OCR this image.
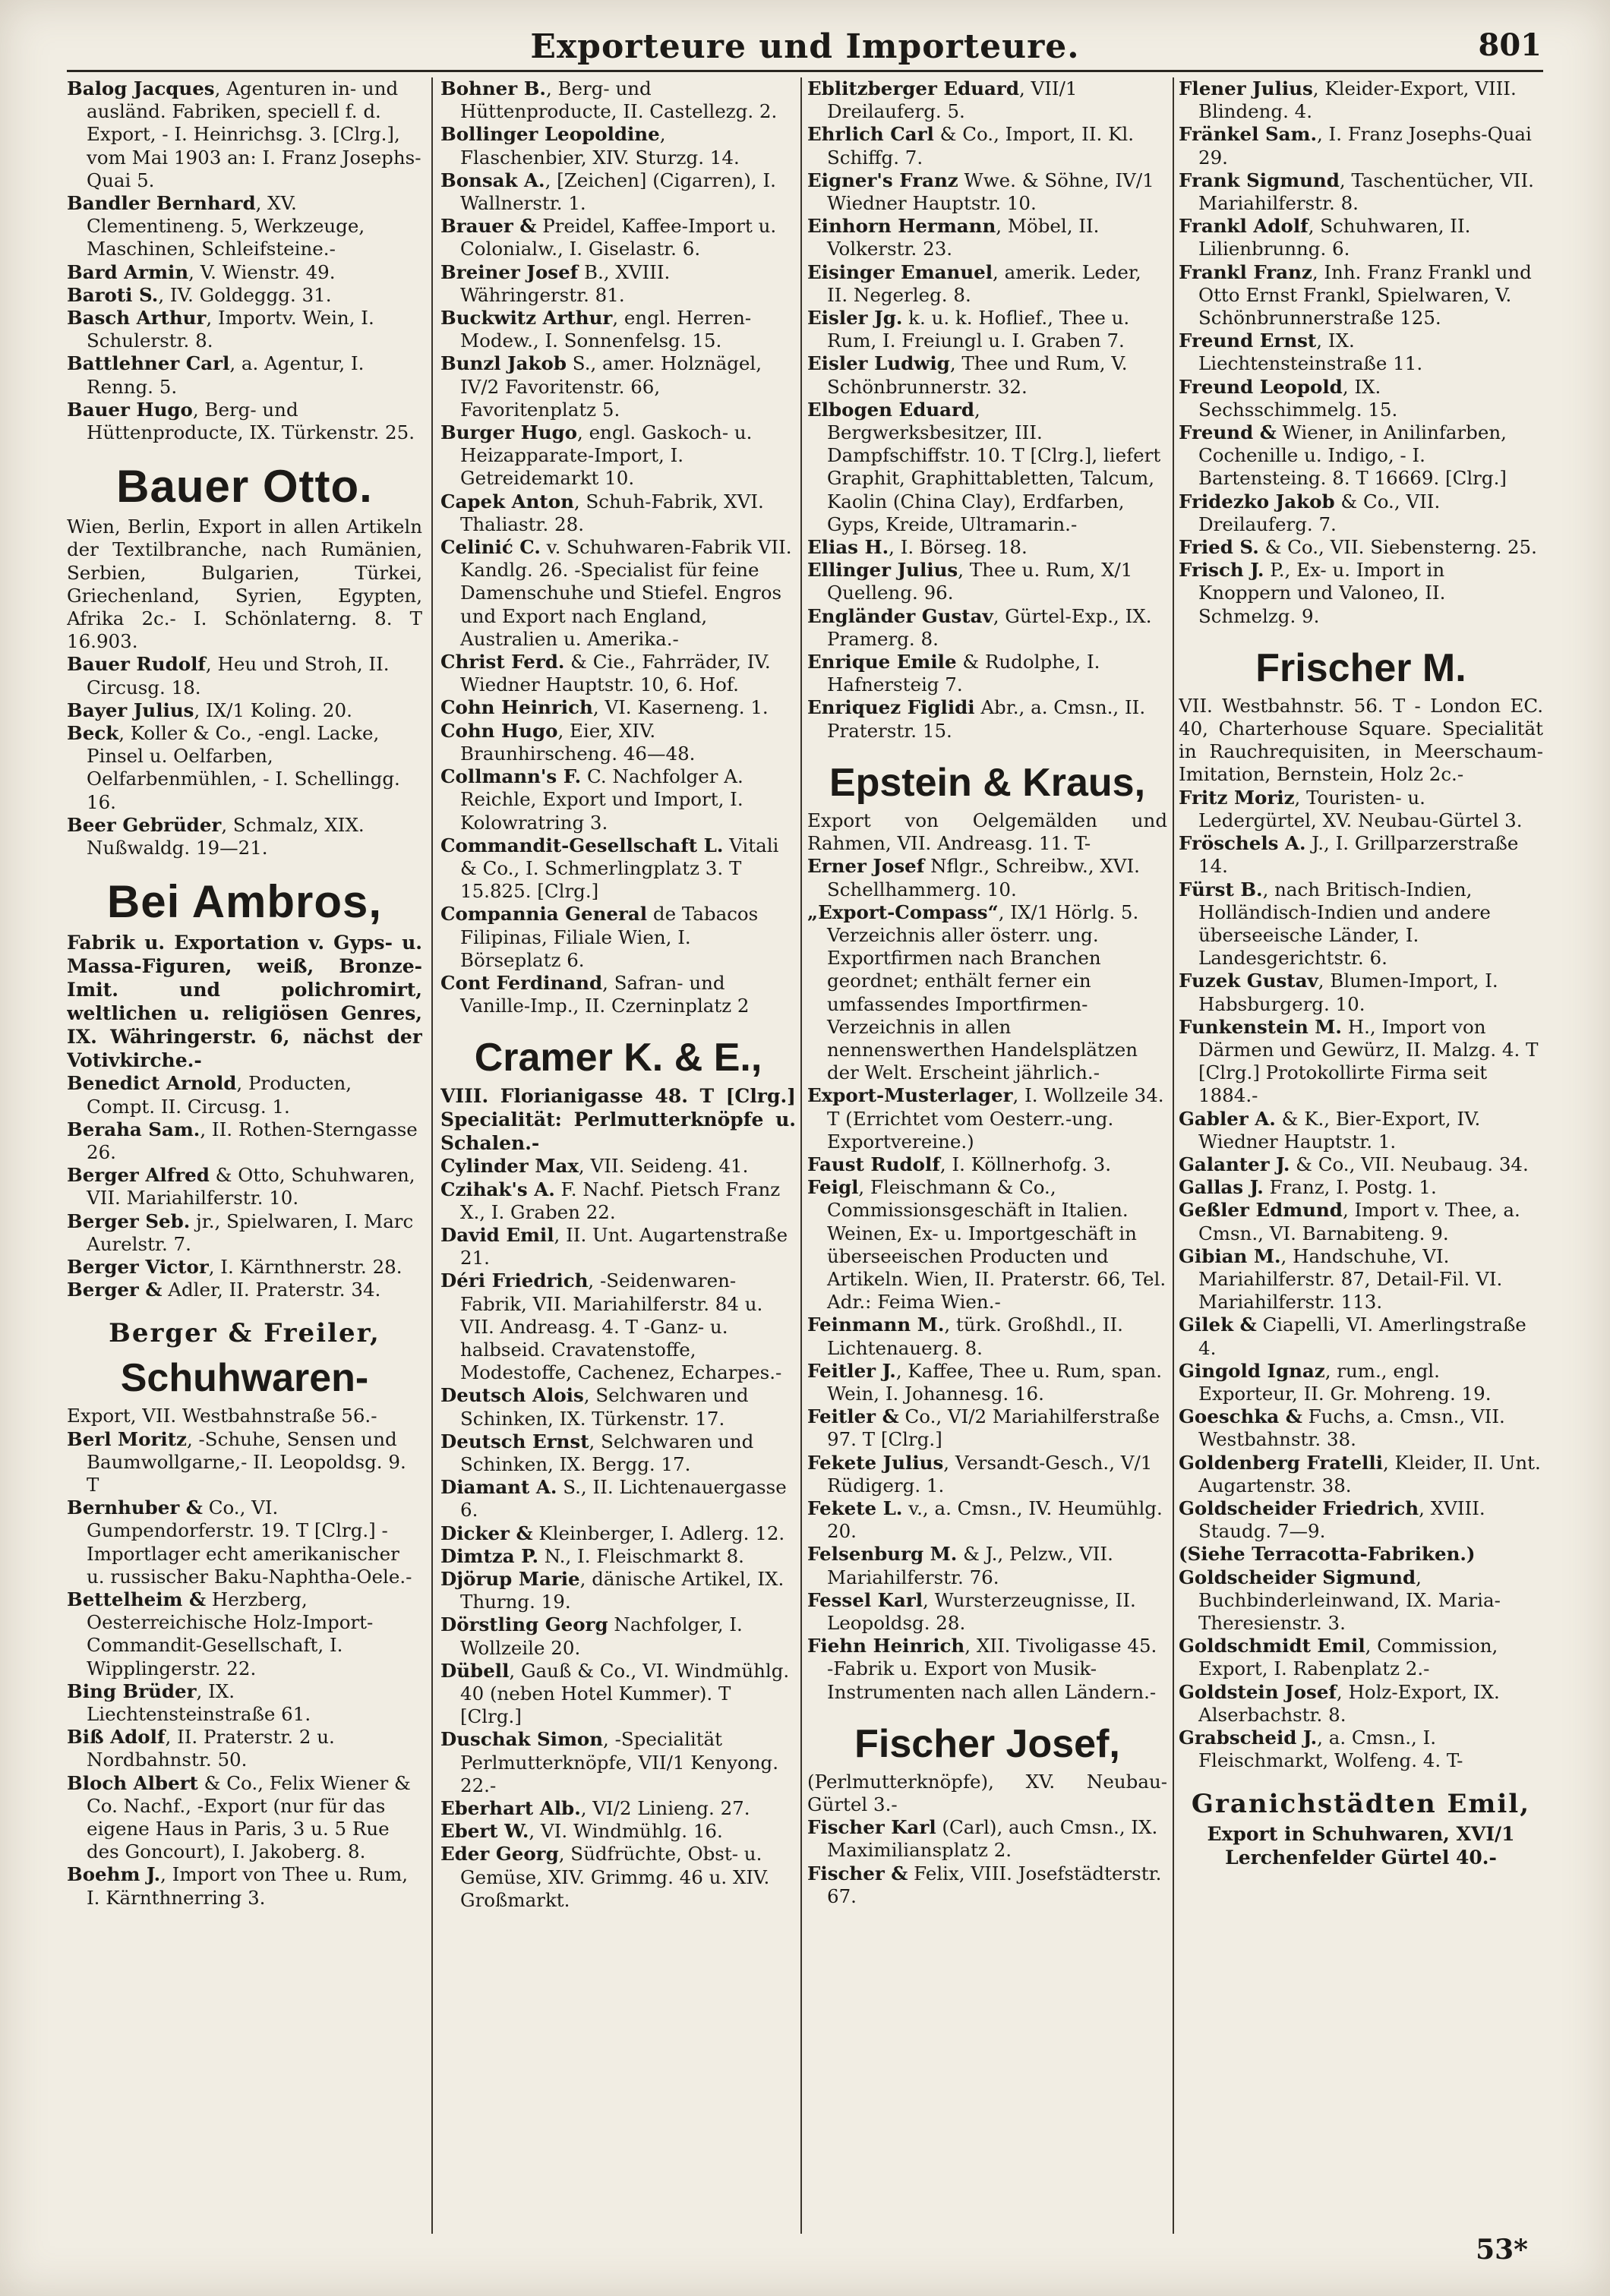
Exporteure und Importeure.	801
Balog Jacques, Agenturen in- und ausländ. Fabriken, speciell f. d. Export, - I. Heinrichsg. 3. [Clrg.], vom Mai 1903 an: I. Franz Josephs-Quai 5.
Bandler Bernhard, XV. Clementineng. 5, Werkzeuge, Maschinen, Schleifsteine.-
Bard Armin, V. Wienstr. 49.
Baroti S., IV. Goldeggg. 31.
Basch Arthur, Importv. Wein, I. Schulerstr. 8.
Battlehner Carl, a. Agentur, I. Renng. 5.
Bauer Hugo, Berg- und Hüttenproducte, IX. Türkenstr. 25.
Bauer Otto.
Wien, Berlin, Export in allen Artikeln der Textilbranche, nach Rumänien, Serbien, Bulgarien, Türkei, Griechenland, Syrien, Egypten, Afrika 2c.- I. Schönlaterng. 8. T 16.903.
Bauer Rudolf, Heu und Stroh, II. Circusg. 18.
Bayer Julius, IX/1 Koling. 20.
Beck, Koller & Co., -engl. Lacke, Pinsel u. Oelfarben, Oelfarbenmühlen, - I. Schellingg. 16.
Beer Gebrüder, Schmalz, XIX. Nußwaldg. 19—21.
Bei Ambros,
Fabrik u. Exportation v. Gyps- u. Massa-Figuren, weiß, Bronze-Imit. und polichromirt, weltlichen u. religiösen Genres, IX. Währingerstr. 6, nächst der Votivkirche.-
Benedict Arnold, Producten, Compt. II. Circusg. 1.
Beraha Sam., II. Rothen-Sterngasse 26.
Berger Alfred & Otto, Schuhwaren, VII. Mariahilferstr. 10.
Berger Seb. jr., Spielwaren, I. Marc Aurelstr. 7.
Berger Victor, I. Kärnthnerstr. 28.
Berger & Adler, II. Praterstr. 34.
Berger & Freiler,
Schuhwaren-
Export, VII. Westbahnstraße 56.-
Berl Moritz, -Schuhe, Sensen und Baumwollgarne,- II. Leopoldsg. 9. T
Bernhuber & Co., VI. Gumpendorferstr. 19. T [Clrg.] -Importlager echt amerikanischer u. russischer Baku-Naphtha-Oele.-
Bettelheim & Herzberg, Oesterreichische Holz-Import-Commandit-Gesellschaft, I. Wipplingerstr. 22.
Bing Brüder, IX. Liechtensteinstraße 61.
Biß Adolf, II. Praterstr. 2 u. Nordbahnstr. 50.
Bloch Albert & Co., Felix Wiener & Co. Nachf., -Export (nur für das eigene Haus in Paris, 3 u. 5 Rue des Goncourt), I. Jakoberg. 8.
Boehm J., Import von Thee u. Rum, I. Kärnthnerring 3.
Bohner B., Berg- und Hüttenproducte, II. Castellezg. 2.
Bollinger Leopoldine, Flaschenbier, XIV. Sturzg. 14.
Bonsak A., [Zeichen] (Cigarren), I. Wallnerstr. 1.
Brauer & Preidel, Kaffee-Import u. Colonialw., I. Giselastr. 6.
Breiner Josef B., XVIII. Währingerstr. 81.
Buckwitz Arthur, engl. Herren-Modew., I. Sonnenfelsg. 15.
Bunzl Jakob S., amer. Holznägel, IV/2 Favoritenstr. 66, Favoritenplatz 5.
Burger Hugo, engl. Gaskoch- u. Heizapparate-Import, I. Getreidemarkt 10.
Capek Anton, Schuh-Fabrik, XVI. Thaliastr. 28.
Celinić C. v. Schuhwaren-Fabrik VII. Kandlg. 26. -Specialist für feine Damenschuhe und Stiefel. Engros und Export nach England, Australien u. Amerika.-
Christ Ferd. & Cie., Fahrräder, IV. Wiedner Hauptstr. 10, 6. Hof.
Cohn Heinrich, VI. Kaserneng. 1.
Cohn Hugo, Eier, XIV. Braunhirscheng. 46—48.
Collmann's F. C. Nachfolger A. Reichle, Export und Import, I. Kolowratring 3.
Commandit-Gesellschaft L. Vitali & Co., I. Schmerlingplatz 3. T 15.825. [Clrg.]
Compannia General de Tabacos Filipinas, Filiale Wien, I. Börseplatz 6.
Cont Ferdinand, Safran- und Vanille-Imp., II. Czerninplatz 2
Cramer K. & E.,
VIII. Florianigasse 48. T [Clrg.] Specialität: Perlmutterknöpfe u. Schalen.-
Cylinder Max, VII. Seideng. 41.
Czihak's A. F. Nachf. Pietsch Franz X., I. Graben 22.
David Emil, II. Unt. Augartenstraße 21.
Déri Friedrich, -Seidenwaren-Fabrik, VII. Mariahilferstr. 84 u. VII. Andreasg. 4. T -Ganz- u. halbseid. Cravatenstoffe, Modestoffe, Cachenez, Echarpes.-
Deutsch Alois, Selchwaren und Schinken, IX. Türkenstr. 17.
Deutsch Ernst, Selchwaren und Schinken, IX. Bergg. 17.
Diamant A. S., II. Lichtenauergasse 6.
Dicker & Kleinberger, I. Adlerg. 12.
Dimtza P. N., I. Fleischmarkt 8.
Djörup Marie, dänische Artikel, IX. Thurng. 19.
Dörstling Georg Nachfolger, I. Wollzeile 20.
Dübell, Gauß & Co., VI. Windmühlg. 40 (neben Hotel Kummer). T [Clrg.]
Duschak Simon, -Specialität Perlmutterknöpfe, VII/1 Kenyong. 22.-
Eberhart Alb., VI/2 Linieng. 27.
Ebert W., VI. Windmühlg. 16.
Eder Georg, Südfrüchte, Obst- u. Gemüse, XIV. Grimmg. 46 u. XIV. Großmarkt.
Eblitzberger Eduard, VII/1 Dreilauferg. 5.
Ehrlich Carl & Co., Import, II. Kl. Schiffg. 7.
Eigner's Franz Wwe. & Söhne, IV/1 Wiedner Hauptstr. 10.
Einhorn Hermann, Möbel, II. Volkerstr. 23.
Eisinger Emanuel, amerik. Leder, II. Negerleg. 8.
Eisler Jg. k. u. k. Hoflief., Thee u. Rum, I. Freiungl u. I. Graben 7.
Eisler Ludwig, Thee und Rum, V. Schönbrunnerstr. 32.
Elbogen Eduard, Bergwerksbesitzer, III. Dampfschiffstr. 10. T [Clrg.], liefert Graphit, Graphittabletten, Talcum, Kaolin (China Clay), Erdfarben, Gyps, Kreide, Ultramarin.-
Elias H., I. Börseg. 18.
Ellinger Julius, Thee u. Rum, X/1 Quelleng. 96.
Engländer Gustav, Gürtel-Exp., IX. Pramerg. 8.
Enrique Emile & Rudolphe, I. Hafnersteig 7.
Enriquez Figlidi Abr., a. Cmsn., II. Praterstr. 15.
Epstein & Kraus,
Export von Oelgemälden und Rahmen, VII. Andreasg. 11. T-
Erner Josef Nflgr., Schreibw., XVI. Schellhammerg. 10.
„Export-Compass“, IX/1 Hörlg. 5. Verzeichnis aller österr. ung. Exportfirmen nach Branchen geordnet; enthält ferner ein umfassendes Importfirmen-Verzeichnis in allen nennenswerthen Handelsplätzen der Welt. Erscheint jährlich.-
Export-Musterlager, I. Wollzeile 34. T (Errichtet vom Oesterr.-ung. Exportvereine.)
Faust Rudolf, I. Köllnerhofg. 3.
Feigl, Fleischmann & Co., Commissionsgeschäft in Italien. Weinen, Ex- u. Importgeschäft in überseeischen Producten und Artikeln. Wien, II. Praterstr. 66, Tel. Adr.: Feima Wien.-
Feinmann M., türk. Großhdl., II. Lichtenauerg. 8.
Feitler J., Kaffee, Thee u. Rum, span. Wein, I. Johannesg. 16.
Feitler & Co., VI/2 Mariahilferstraße 97. T [Clrg.]
Fekete Julius, Versandt-Gesch., V/1 Rüdigerg. 1.
Fekete L. v., a. Cmsn., IV. Heumühlg. 20.
Felsenburg M. & J., Pelzw., VII. Mariahilferstr. 76.
Fessel Karl, Wursterzeugnisse, II. Leopoldsg. 28.
Fiehn Heinrich, XII. Tivoligasse 45. -Fabrik u. Export von Musik-Instrumenten nach allen Ländern.-
Fischer Josef,
(Perlmutterknöpfe), XV. Neubau-Gürtel 3.-
Fischer Karl (Carl), auch Cmsn., IX. Maximiliansplatz 2.
Fischer & Felix, VIII. Josefstädterstr. 67.
Flener Julius, Kleider-Export, VIII. Blindeng. 4.
Fränkel Sam., I. Franz Josephs-Quai 29.
Frank Sigmund, Taschentücher, VII. Mariahilferstr. 8.
Frankl Adolf, Schuhwaren, II. Lilienbrunng. 6.
Frankl Franz, Inh. Franz Frankl und Otto Ernst Frankl, Spielwaren, V. Schönbrunnerstraße 125.
Freund Ernst, IX. Liechtensteinstraße 11.
Freund Leopold, IX. Sechsschimmelg. 15.
Freund & Wiener, in Anilinfarben, Cochenille u. Indigo, - I. Bartensteing. 8. T 16669. [Clrg.]
Fridezko Jakob & Co., VII. Dreilauferg. 7.
Fried S. & Co., VII. Siebensterng. 25.
Frisch J. P., Ex- u. Import in Knoppern und Valoneo, II. Schmelzg. 9.
Frischer M.
VII. Westbahnstr. 56. T - London EC. 40, Charterhouse Square. Specialität in Rauchrequisiten, in Meerschaum-Imitation, Bernstein, Holz 2c.-
Fritz Moriz, Touristen- u. Ledergürtel, XV. Neubau-Gürtel 3.
Fröschels A. J., I. Grillparzerstraße 14.
Fürst B., nach Britisch-Indien, Holländisch-Indien und andere überseeische Länder, I. Landesgerichtstr. 6.
Fuzek Gustav, Blumen-Import, I. Habsburgerg. 10.
Funkenstein M. H., Import von Därmen und Gewürz, II. Malzg. 4. T [Clrg.] Protokollirte Firma seit 1884.-
Gabler A. & K., Bier-Export, IV. Wiedner Hauptstr. 1.
Galanter J. & Co., VII. Neubaug. 34.
Gallas J. Franz, I. Postg. 1.
Geßler Edmund, Import v. Thee, a. Cmsn., VI. Barnabiteng. 9.
Gibian M., Handschuhe, VI. Mariahilferstr. 87, Detail-Fil. VI. Mariahilferstr. 113.
Gilek & Ciapelli, VI. Amerlingstraße 4.
Gingold Ignaz, rum., engl. Exporteur, II. Gr. Mohreng. 19.
Goeschka & Fuchs, a. Cmsn., VII. Westbahnstr. 38.
Goldenberg Fratelli, Kleider, II. Unt. Augartenstr. 38.
Goldscheider Friedrich, XVIII. Staudg. 7—9.
(Siehe Terracotta-Fabriken.)
Goldscheider Sigmund, Buchbinderleinwand, IX. Maria-Theresienstr. 3.
Goldschmidt Emil, Commission, Export, I. Rabenplatz 2.-
Goldstein Josef, Holz-Export, IX. Alserbachstr. 8.
Grabscheid J., a. Cmsn., I. Fleischmarkt, Wolfeng. 4. T-
Granichstädten Emil,
Export in Schuhwaren, XVI/1 Lerchenfelder Gürtel 40.-
53*
